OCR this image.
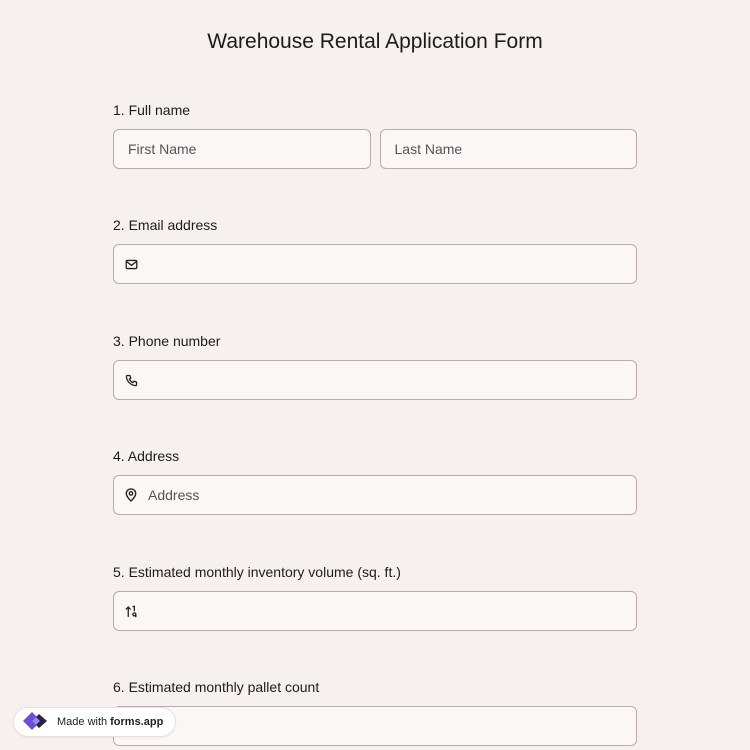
Warehouse Rental Application Form
1. Full name
First Name
Last Name
2. Email address
3. Phone number
4. Address
Address
5. Estimated monthly inventory volume (sq. ft.)
6. Estimated monthly pallet count
Made with forms.app
